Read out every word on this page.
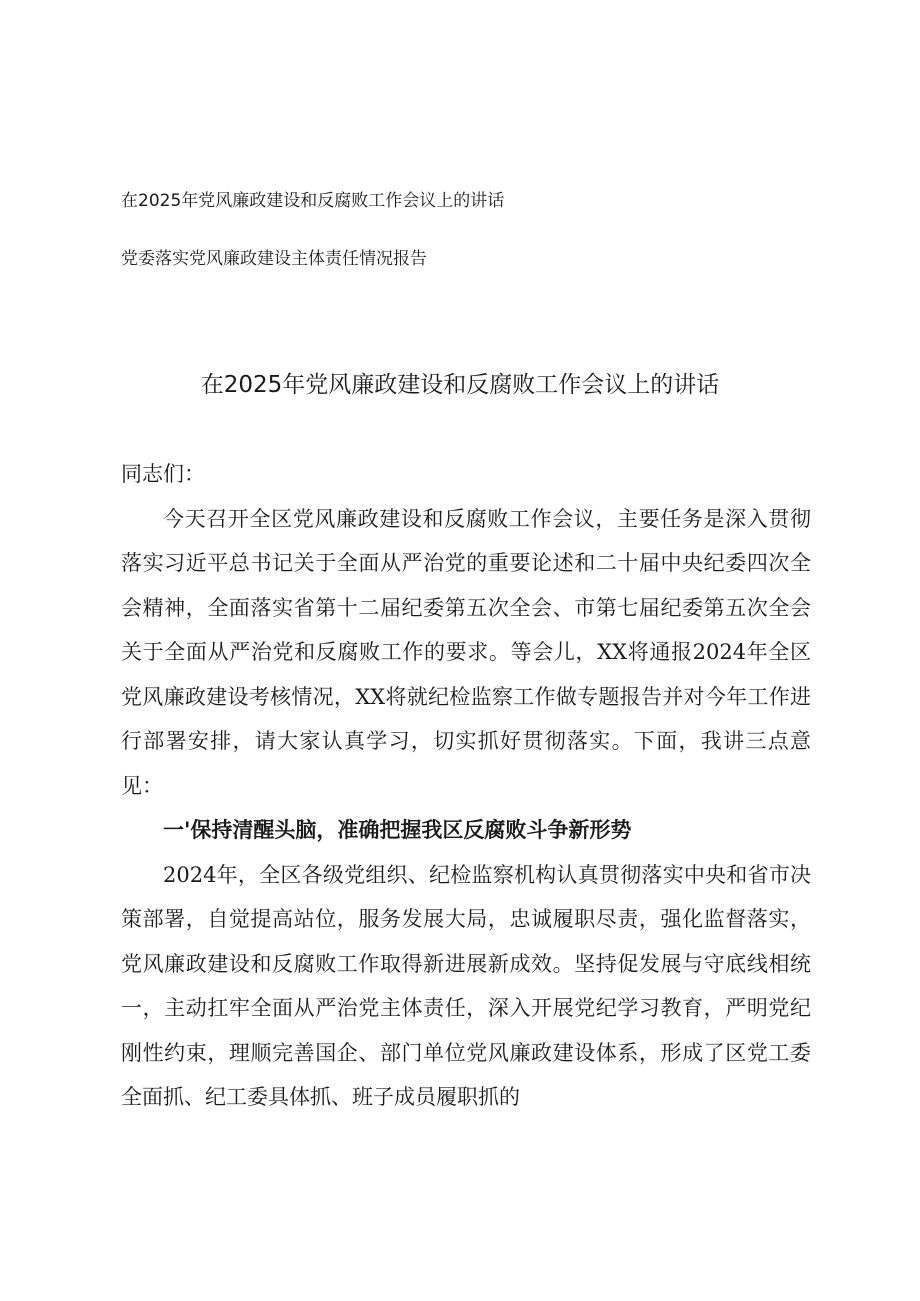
在2025年党风廉政建设和反腐败工作会议上的讲话
党委落实党风廉政建设主体责任情况报告
在2025年党风廉政建设和反腐败工作会议上的讲话

同志们：

今天召开全区党风廉政建设和反腐败工作会议，主要任务是深入贯彻落实习近平总书记关于全面从严治党的重要论述和二十届中央纪委四次全会精神，全面落实省第十二届纪委第五次全会、市第七届纪委第五次全会关于全面从严治党和反腐败工作的要求。等会儿，XX将通报2024年全区党风廉政建设考核情况，XX将就纪检监察工作做专题报告并对今年工作进行部署安排，请大家认真学习，切实抓好贯彻落实。下面，我讲三点意见：

一'保持清醒头脑，准确把握我区反腐败斗争新形势

2024年，全区各级党组织、纪检监察机构认真贯彻落实中央和省市决策部署，自觉提高站位，服务发展大局，忠诚履职尽责，强化监督落实，党风廉政建设和反腐败工作取得新进展新成效。坚持促发展与守底线相统一，主动扛牢全面从严治党主体责任，深入开展党纪学习教育，严明党纪刚性约束，理顺完善国企、部门单位党风廉政建设体系，形成了区党工委全面抓、纪工委具体抓、班子成员履职抓的
